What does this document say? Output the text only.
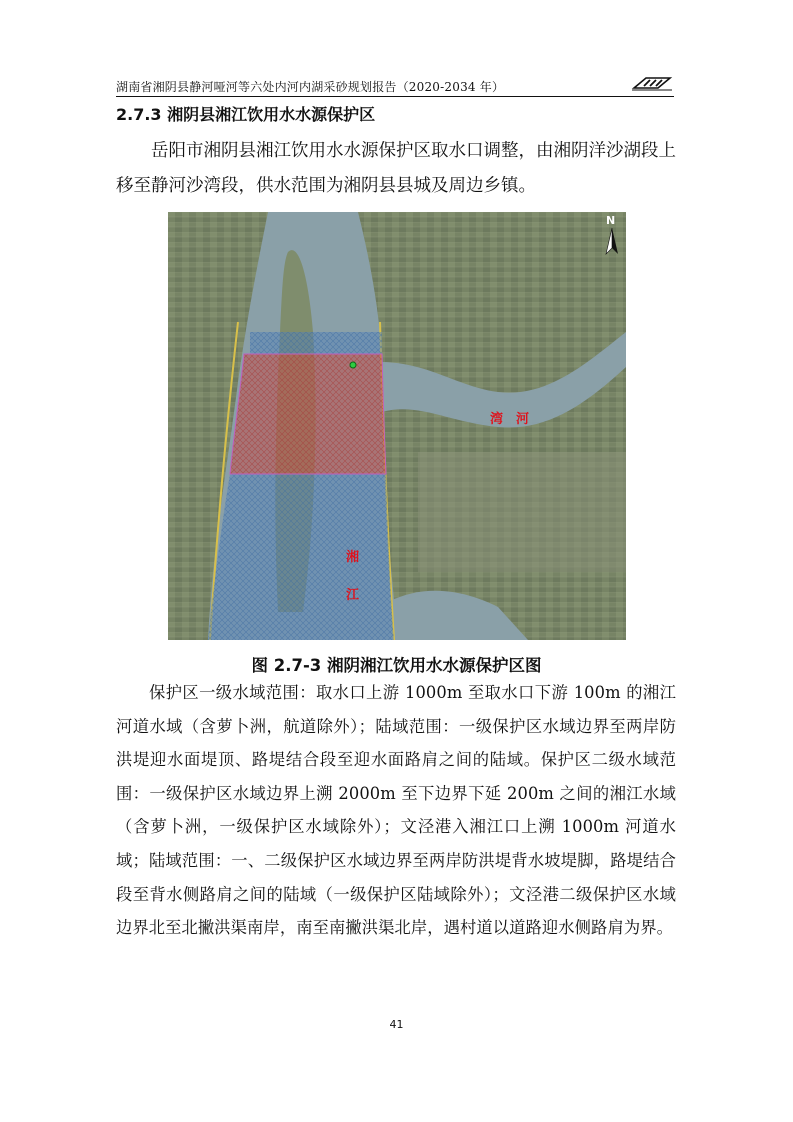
湖南省湘阴县静河哑河等六处内河内湖采砂规划报告（2020-2034 年）
2.7.3 湘阴县湘江饮用水水源保护区

岳阳市湘阴县湘江饮用水水源保护区取水口调整，由湘阴洋沙湖段上移至静河沙湾段，供水范围为湘阴县县城及周边乡镇。

湾　河
湘
江
N
图 2.7-3 湘阴湘江饮用水水源保护区图

保护区一级水域范围：取水口上游 1000m 至取水口下游 100m 的湘江河道水域（含萝卜洲，航道除外）；陆域范围：一级保护区水域边界至两岸防洪堤迎水面堤顶、路堤结合段至迎水面路肩之间的陆域。保护区二级水域范围：一级保护区水域边界上溯 2000m 至下边界下延 200m 之间的湘江水域（含萝卜洲，一级保护区水域除外）；文泾港入湘江口上溯 1000m 河道水域；陆域范围：一、二级保护区水域边界至两岸防洪堤背水坡堤脚，路堤结合段至背水侧路肩之间的陆域（一级保护区陆域除外）；文泾港二级保护区水域边界北至北撇洪渠南岸，南至南撇洪渠北岸，遇村道以道路迎水侧路肩为界。

41
